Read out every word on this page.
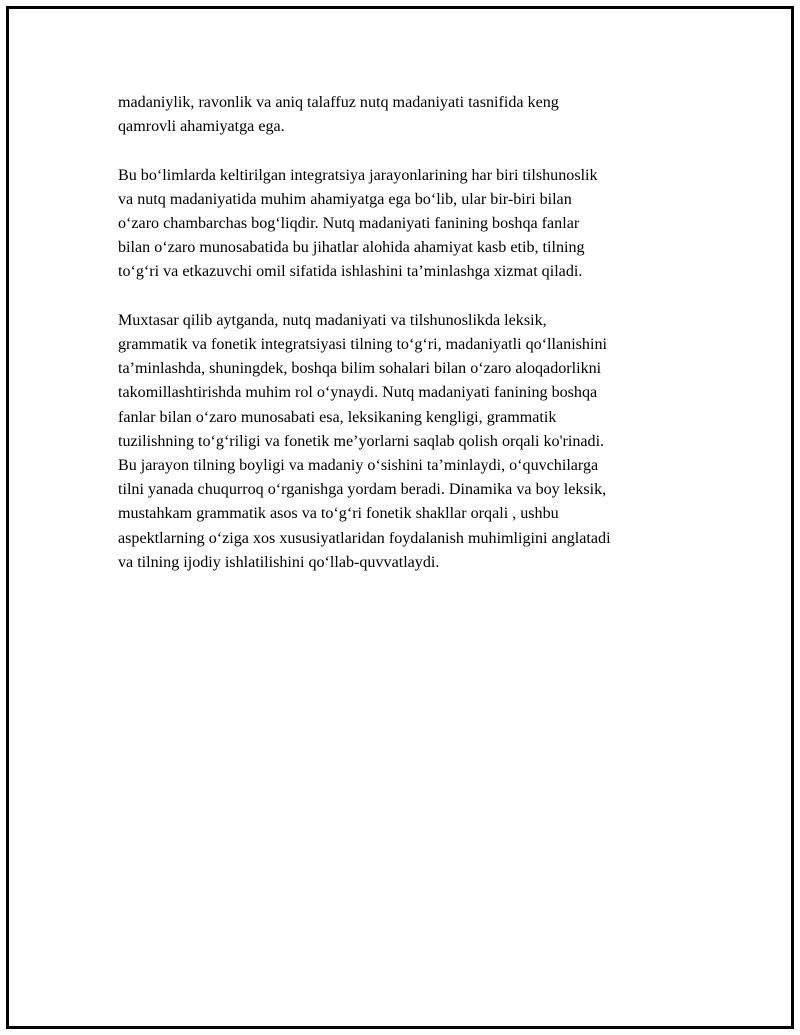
madaniylik, ravonlik va aniq talaffuz nutq madaniyati tasnifida keng
qamrovli ahamiyatga ega.

Bu bo‘limlarda keltirilgan integratsiya jarayonlarining har biri tilshunoslik
va nutq madaniyatida muhim ahamiyatga ega bo‘lib, ular bir-biri bilan
o‘zaro chambarchas bog‘liqdir. Nutq madaniyati fanining boshqa fanlar
bilan o‘zaro munosabatida bu jihatlar alohida ahamiyat kasb etib, tilning
to‘g‘ri va etkazuvchi omil sifatida ishlashini ta’minlashga xizmat qiladi.

Muxtasar qilib aytganda, nutq madaniyati va tilshunoslikda leksik,
grammatik va fonetik integratsiyasi tilning to‘g‘ri, madaniyatli qo‘llanishini
ta’minlashda, shuningdek, boshqa bilim sohalari bilan o‘zaro aloqadorlikni
takomillashtirishda muhim rol o‘ynaydi. Nutq madaniyati fanining boshqa
fanlar bilan o‘zaro munosabati esa, leksikaning kengligi, grammatik
tuzilishning to‘g‘riligi va fonetik me’yorlarni saqlab qolish orqali ko'rinadi.
Bu jarayon tilning boyligi va madaniy o‘sishini ta’minlaydi, o‘quvchilarga
tilni yanada chuqurroq o‘rganishga yordam beradi. Dinamika va boy leksik,
mustahkam grammatik asos va to‘g‘ri fonetik shakllar orqali , ushbu
aspektlarning o‘ziga xos xususiyatlaridan foydalanish muhimligini anglatadi
va tilning ijodiy ishlatilishini qo‘llab-quvvatlaydi.
